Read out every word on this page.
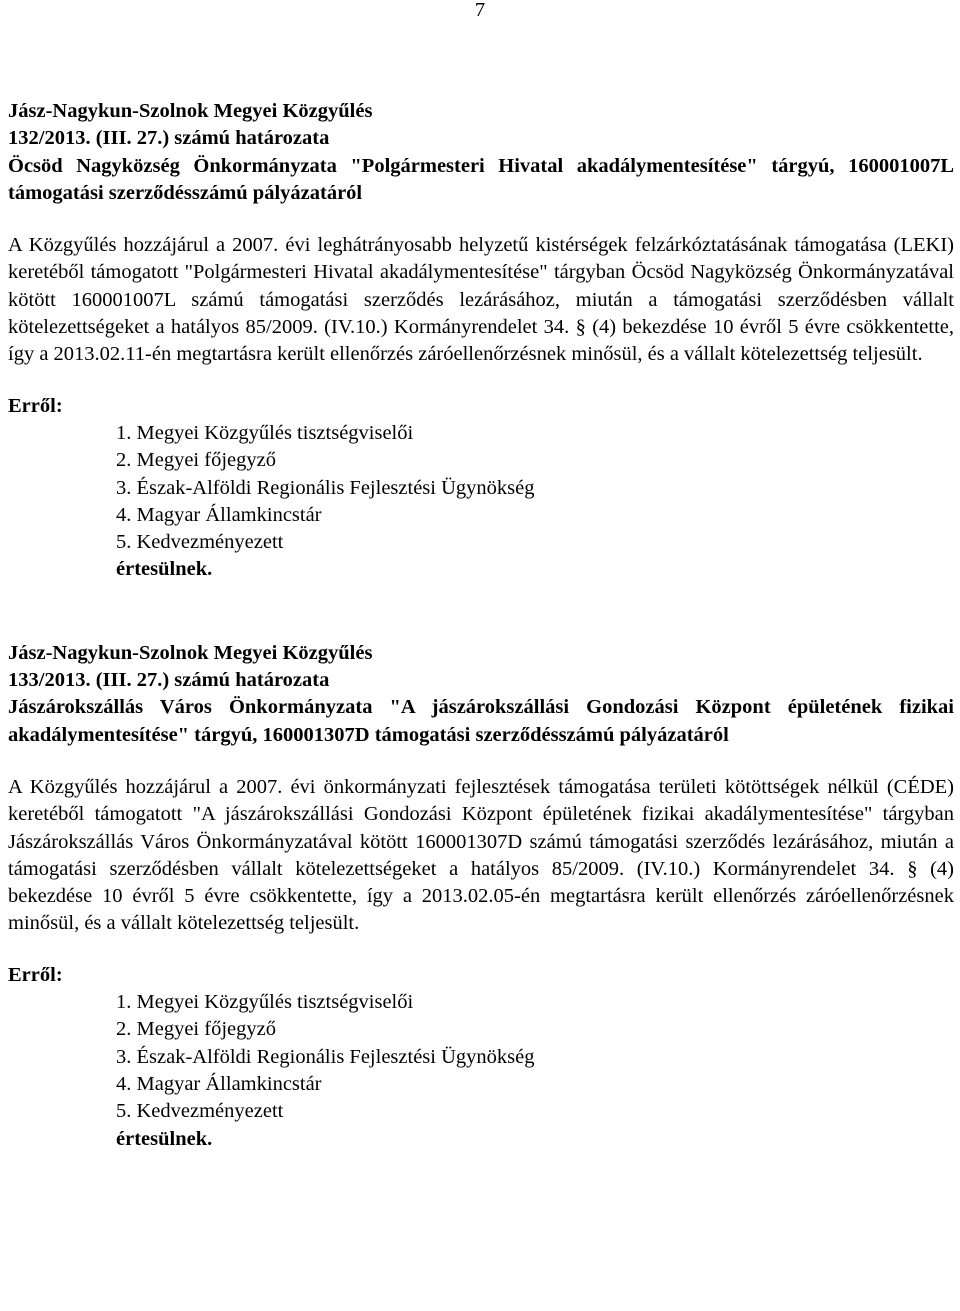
7
Jász-Nagykun-Szolnok Megyei Közgyűlés
132/2013. (III. 27.) számú határozata

Öcsöd Nagyközség Önkormányzata "Polgármesteri Hivatal akadálymentesítése" tárgyú, 160001007L támogatási szerződésszámú pályázatáról

A Közgyűlés hozzájárul a 2007. évi leghátrányosabb helyzetű kistérségek felzárkóztatásának támogatása (LEKI) keretéből támogatott "Polgármesteri Hivatal akadálymentesítése" tárgyban Öcsöd Nagyközség Önkormányzatával kötött 160001007L számú támogatási szerződés lezárásához, miután a támogatási szerződésben vállalt kötelezettségeket a hatályos 85/2009. (IV.10.) Kormányrendelet 34. § (4) bekezdése 10 évről 5 évre csökkentette, így a 2013.02.11-én megtartásra került ellenőrzés záróellenőrzésnek minősül, és a vállalt kötelezettség teljesült.

Erről:
1. Megyei Közgyűlés tisztségviselői
2. Megyei főjegyző
3. Észak-Alföldi Regionális Fejlesztési Ügynökség
4. Magyar Államkincstár
5. Kedvezményezett
értesülnek.
Jász-Nagykun-Szolnok Megyei Közgyűlés
133/2013. (III. 27.) számú határozata

Jászárokszállás Város Önkormányzata "A jászárokszállási Gondozási Központ épületének fizikai akadálymentesítése" tárgyú, 160001307D támogatási szerződésszámú pályázatáról

A Közgyűlés hozzájárul a 2007. évi önkormányzati fejlesztések támogatása területi kötöttségek nélkül (CÉDE) keretéből támogatott "A jászárokszállási Gondozási Központ épületének fizikai akadálymentesítése" tárgyban Jászárokszállás Város Önkormányzatával kötött 160001307D számú támogatási szerződés lezárásához, miután a támogatási szerződésben vállalt kötelezettségeket a hatályos 85/2009. (IV.10.) Kormányrendelet 34. § (4) bekezdése 10 évről 5 évre csökkentette, így a 2013.02.05-én megtartásra került ellenőrzés záróellenőrzésnek minősül, és a vállalt kötelezettség teljesült.

Erről:
1. Megyei Közgyűlés tisztségviselői
2. Megyei főjegyző
3. Észak-Alföldi Regionális Fejlesztési Ügynökség
4. Magyar Államkincstár
5. Kedvezményezett
értesülnek.
